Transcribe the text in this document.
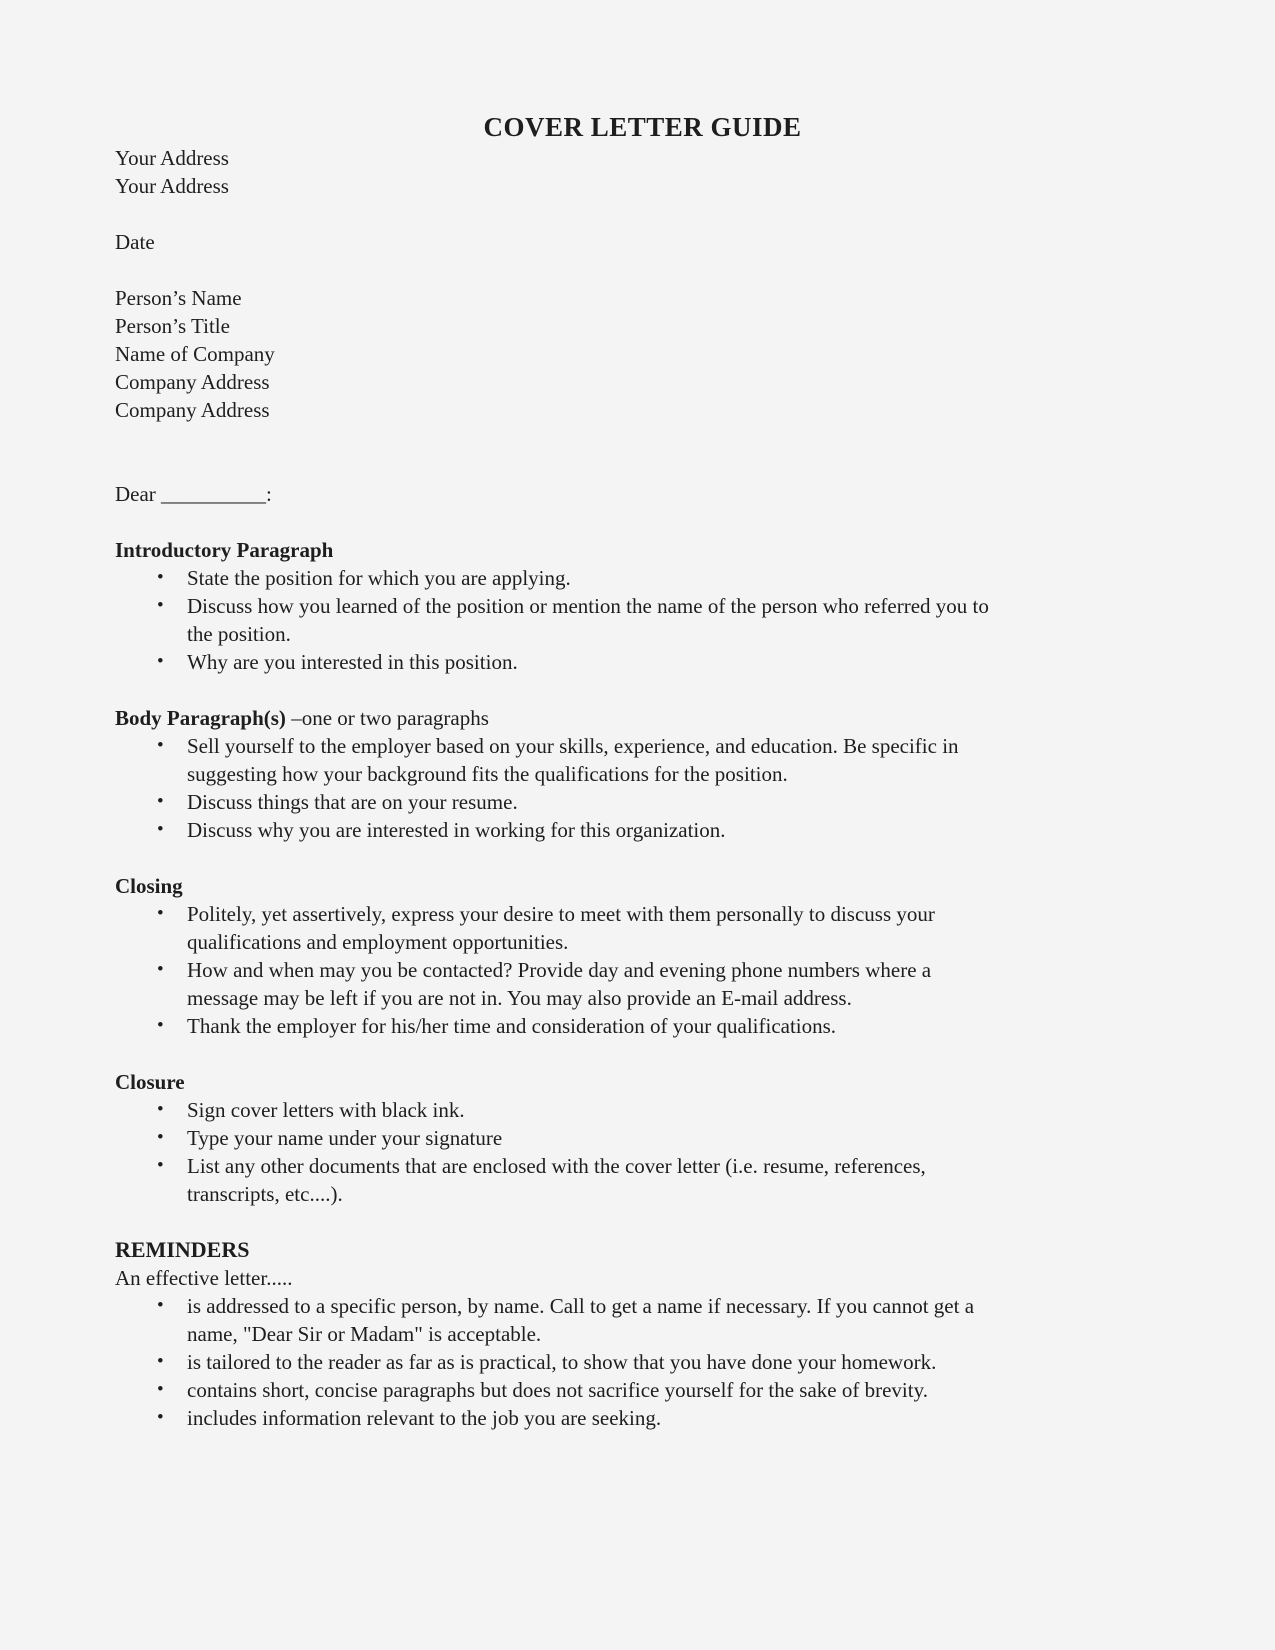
COVER LETTER GUIDE
Your Address
Your Address
Date
Person’s Name
Person’s Title
Name of Company
Company Address
Company Address
Dear __________:
Introductory Paragraph
• State the position for which you are applying.
• Discuss how you learned of the position or mention the name of the person who referred you to
the position.
• Why are you interested in this position.
Body Paragraph(s) –one or two paragraphs
• Sell yourself to the employer based on your skills, experience, and education. Be specific in
suggesting how your background fits the qualifications for the position.
• Discuss things that are on your resume.
• Discuss why you are interested in working for this organization.
Closing
• Politely, yet assertively, express your desire to meet with them personally to discuss your
qualifications and employment opportunities.
• How and when may you be contacted? Provide day and evening phone numbers where a
message may be left if you are not in. You may also provide an E-mail address.
• Thank the employer for his/her time and consideration of your qualifications.
Closure
• Sign cover letters with black ink.
• Type your name under your signature
• List any other documents that are enclosed with the cover letter (i.e. resume, references,
transcripts, etc....).
REMINDERS
An effective letter.....
• is addressed to a specific person, by name. Call to get a name if necessary. If you cannot get a
name, "Dear Sir or Madam" is acceptable.
• is tailored to the reader as far as is practical, to show that you have done your homework.
• contains short, concise paragraphs but does not sacrifice yourself for the sake of brevity.
• includes information relevant to the job you are seeking.
